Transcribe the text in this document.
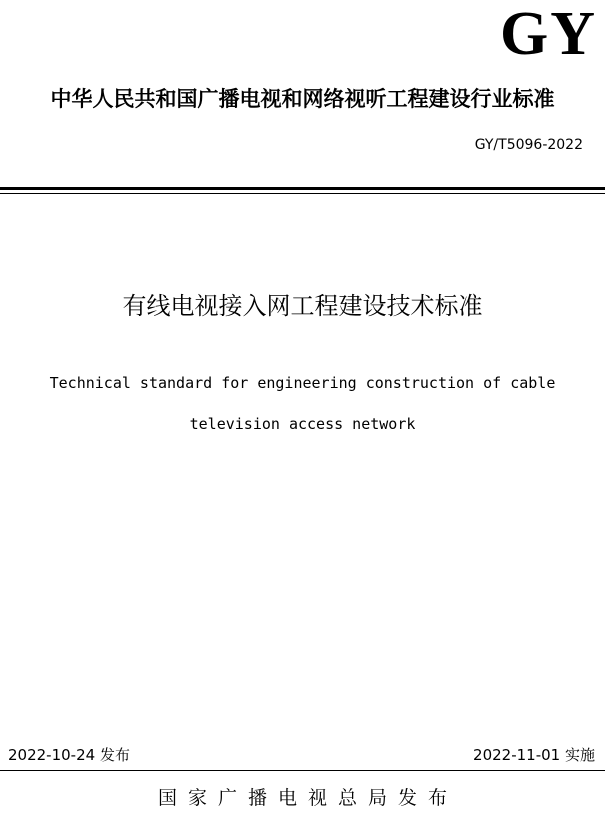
GY
中华人民共和国广播电视和网络视听工程建设行业标准
GY/T5096-2022
有线电视接入网工程建设技术标准
Technical standard for engineering construction of cable
television access network
2022-10-24 发布	2022-11-01 实施
国家广播电视总局发布
